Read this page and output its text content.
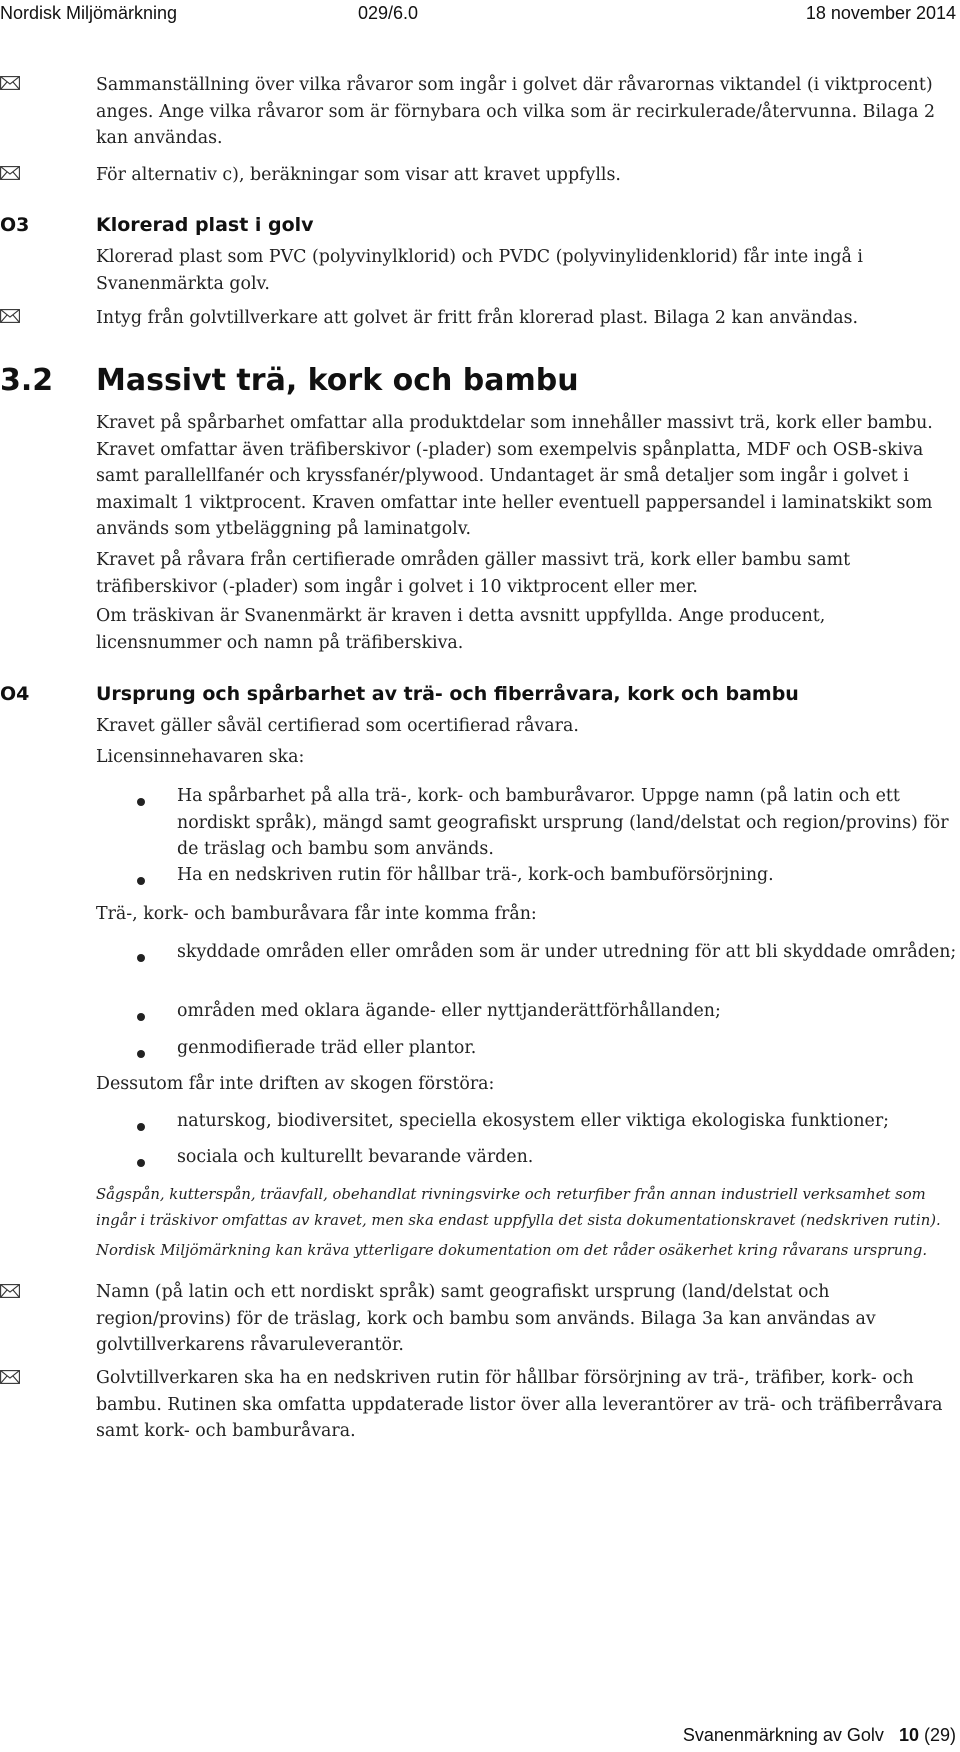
Nordisk Miljömärkning	029/6.0	18 november 2014

Sammanställning över vilka råvaror som ingår i golvet där råvarornas viktandel (i viktprocent) anges. Ange vilka råvaror som är förnybara och vilka som är recirkulerade/återvunna. Bilaga 2 kan användas.

För alternativ c), beräkningar som visar att kravet uppfylls.

O3	Klorerad plast i golv

Klorerad plast som PVC (polyvinylklorid) och PVDC (polyvinylidenklorid) får inte ingå i Svanenmärkta golv.

Intyg från golvtillverkare att golvet är fritt från klorerad plast. Bilaga 2 kan användas.

3.2 Massivt trä, kork och bambu

Kravet på spårbarhet omfattar alla produktdelar som innehåller massivt trä, kork eller bambu. Kravet omfattar även träfiberskivor (-plader) som exempelvis spånplatta, MDF och OSB-skiva samt parallellfanér och kryssfanér/plywood. Undantaget är små detaljer som ingår i golvet i maximalt 1 viktprocent. Kraven omfattar inte heller eventuell pappersandel i laminatskikt som används som ytbeläggning på laminatgolv.

Kravet på råvara från certifierade områden gäller massivt trä, kork eller bambu samt träfiberskivor (-plader) som ingår i golvet i 10 viktprocent eller mer.

Om träskivan är Svanenmärkt är kraven i detta avsnitt uppfyllda. Ange producent, licensnummer och namn på träfiberskiva.

O4	Ursprung och spårbarhet av trä- och fiberråvara, kork och bambu

Kravet gäller såväl certifierad som ocertifierad råvara.

Licensinnehavaren ska:

Ha spårbarhet på alla trä-, kork- och bamburåvaror. Uppge namn (på latin och ett nordiskt språk), mängd samt geografiskt ursprung (land/delstat och region/provins) för de träslag och bambu som används.

Ha en nedskriven rutin för hållbar trä-, kork-och bambuförsörjning.

Trä-, kork- och bamburåvara får inte komma från:

skyddade områden eller områden som är under utredning för att bli skyddade områden;

områden med oklara ägande- eller nyttjanderättförhållanden;

genmodifierade träd eller plantor.

Dessutom får inte driften av skogen förstöra:

naturskog, biodiversitet, speciella ekosystem eller viktiga ekologiska funktioner;

sociala och kulturellt bevarande värden.

Sågspån, kutterspån, träavfall, obehandlat rivningsvirke och returfiber från annan industriell verksamhet som ingår i träskivor omfattas av kravet, men ska endast uppfylla det sista dokumentationskravet (nedskriven rutin).

Nordisk Miljömärkning kan kräva ytterligare dokumentation om det råder osäkerhet kring råvarans ursprung.

Namn (på latin och ett nordiskt språk) samt geografiskt ursprung (land/delstat och region/provins) för de träslag, kork och bambu som används. Bilaga 3a kan användas av golvtillverkarens råvaruleverantör.

Golvtillverkaren ska ha en nedskriven rutin för hållbar försörjning av trä-, träfiber, kork- och bambu. Rutinen ska omfatta uppdaterade listor över alla leverantörer av trä- och träfiberråvara samt kork- och bamburåvara.

Svanenmärkning av Golv 10 (29)
